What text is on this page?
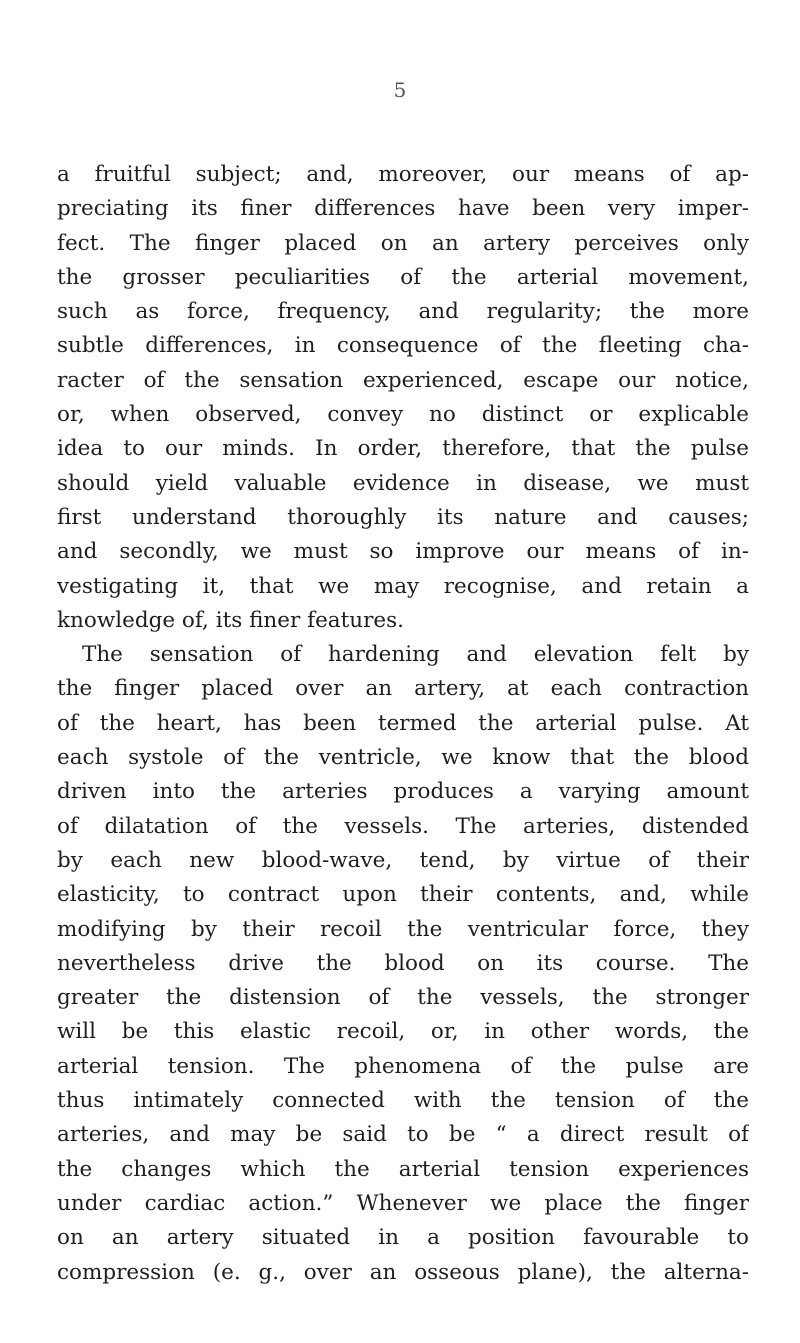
5
a fruitful subject; and, moreover, our means of ap-
preciating its finer differences have been very imper-
fect. The finger placed on an artery perceives only
the grosser peculiarities of the arterial movement,
such as force, frequency, and regularity; the more
subtle differences, in consequence of the fleeting cha-
racter of the sensation experienced, escape our notice,
or, when observed, convey no distinct or explicable
idea to our minds. In order, therefore, that the pulse
should yield valuable evidence in disease, we must
first understand thoroughly its nature and causes;
and secondly, we must so improve our means of in-
vestigating it, that we may recognise, and retain a
knowledge of, its finer features.
The sensation of hardening and elevation felt by
the finger placed over an artery, at each contraction
of the heart, has been termed the arterial pulse. At
each systole of the ventricle, we know that the blood
driven into the arteries produces a varying amount
of dilatation of the vessels. The arteries, distended
by each new blood-wave, tend, by virtue of their
elasticity, to contract upon their contents, and, while
modifying by their recoil the ventricular force, they
nevertheless drive the blood on its course. The
greater the distension of the vessels, the stronger
will be this elastic recoil, or, in other words, the
arterial tension. The phenomena of the pulse are
thus intimately connected with the tension of the
arteries, and may be said to be “ a direct result of
the changes which the arterial tension experiences
under cardiac action.” Whenever we place the finger
on an artery situated in a position favourable to
compression (e. g., over an osseous plane), the alterna-
